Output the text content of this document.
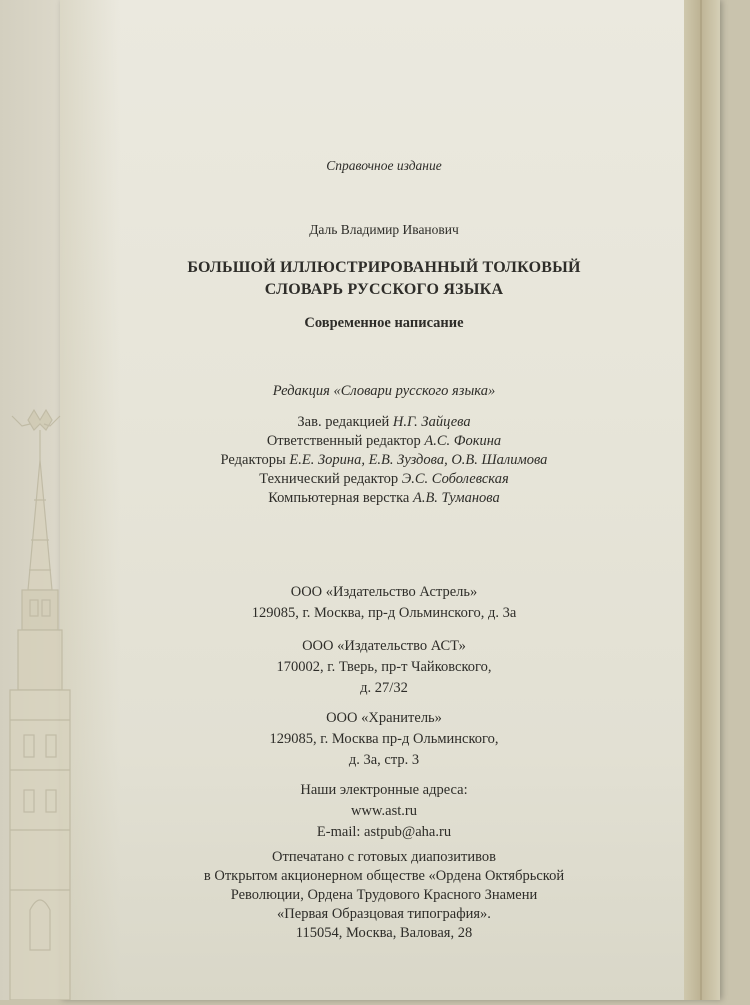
Справочное издание
Даль Владимир Иванович
БОЛЬШОЙ ИЛЛЮСТРИРОВАННЫЙ ТОЛКОВЫЙ
СЛОВАРЬ РУССКОГО ЯЗЫКА
Современное написание
Редакция «Словари русского языка»
Зав. редакцией Н.Г. Зайцева
Ответственный редактор А.С. Фокина
Редакторы Е.Е. Зорина, Е.В. Зуздова, О.В. Шалимова
Технический редактор Э.С. Соболевская
Компьютерная верстка А.В. Туманова
ООО «Издательство Астрель»
129085, г. Москва, пр-д Ольминского, д. 3а
ООО «Издательство АСТ»
170002, г. Тверь, пр-т Чайковского,
д. 27/32
ООО «Хранитель»
129085, г. Москва пр-д Ольминского,
д. 3а, стр. 3
Наши электронные адреса:
www.ast.ru
E-mail: astpub@aha.ru
Отпечатано с готовых диапозитивов
в Открытом акционерном обществе «Ордена Октябрьской
Революции, Ордена Трудового Красного Знамени
«Первая Образцовая типография».
115054, Москва, Валовая, 28
